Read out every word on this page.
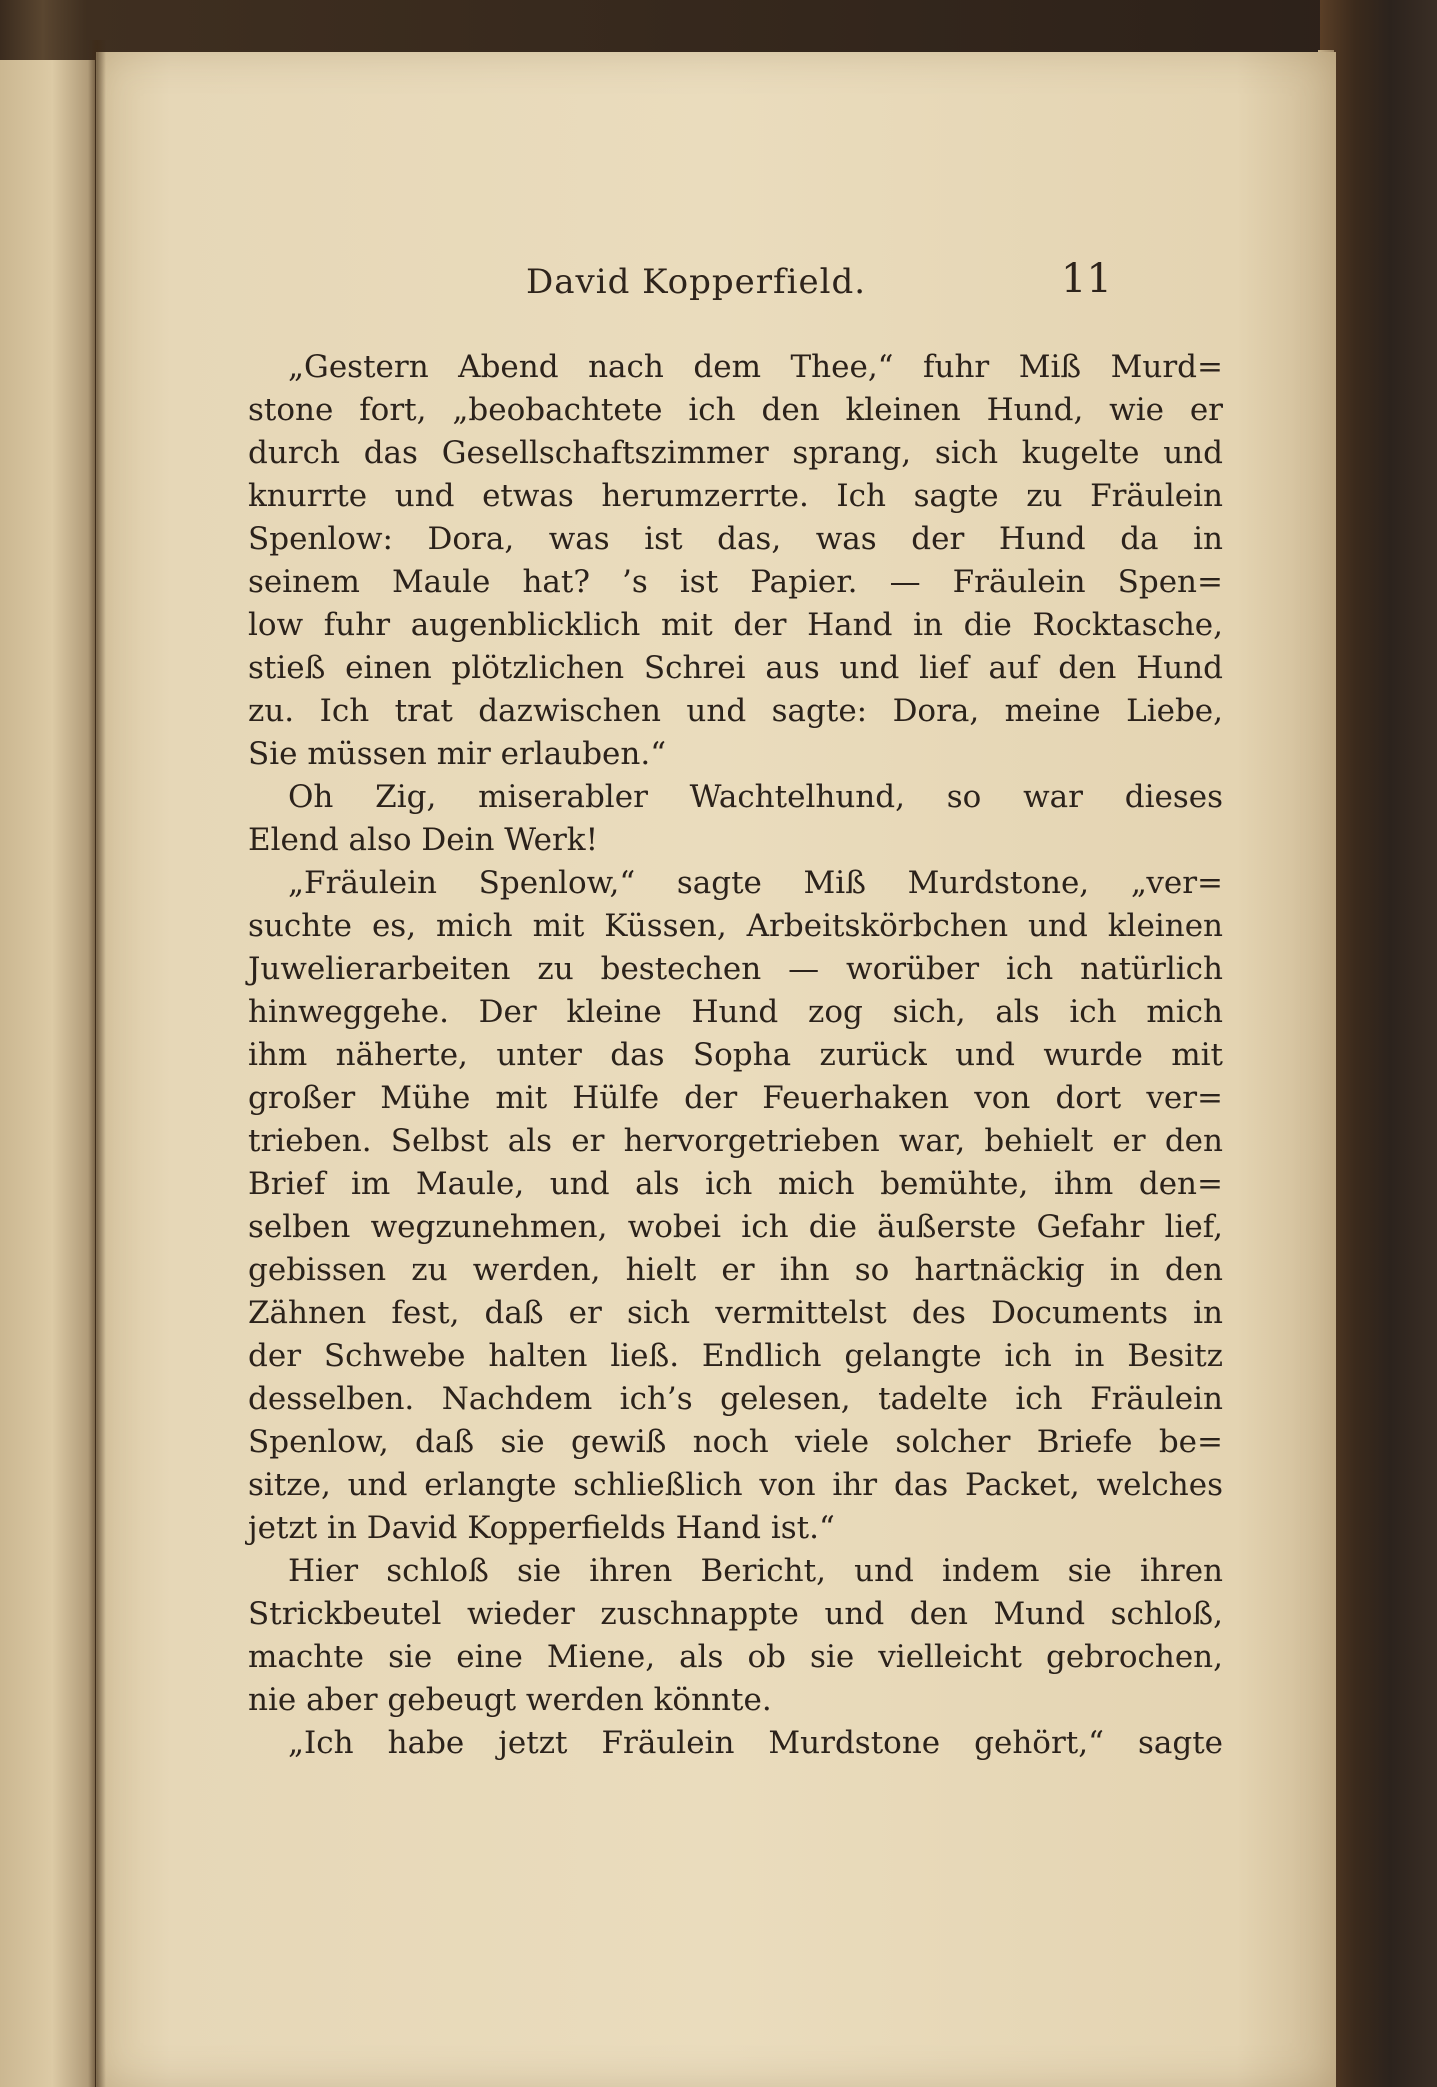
David Kopperfield.	11
„Gestern Abend nach dem Thee,“ fuhr Miß Murd=
stone fort, „beobachtete ich den kleinen Hund, wie er
durch das Gesellschaftszimmer sprang, sich kugelte und
knurrte und etwas herumzerrte. Ich sagte zu Fräulein
Spenlow: Dora, was ist das, was der Hund da in
seinem Maule hat? ’s ist Papier. — Fräulein Spen=
low fuhr augenblicklich mit der Hand in die Rocktasche,
stieß einen plötzlichen Schrei aus und lief auf den Hund
zu. Ich trat dazwischen und sagte: Dora, meine Liebe,
Sie müssen mir erlauben.“
Oh Zig, miserabler Wachtelhund, so war dieses
Elend also Dein Werk!
„Fräulein Spenlow,“ sagte Miß Murdstone, „ver=
suchte es, mich mit Küssen, Arbeitskörbchen und kleinen
Juwelierarbeiten zu bestechen — worüber ich natürlich
hinweggehe. Der kleine Hund zog sich, als ich mich
ihm näherte, unter das Sopha zurück und wurde mit
großer Mühe mit Hülfe der Feuerhaken von dort ver=
trieben. Selbst als er hervorgetrieben war, behielt er den
Brief im Maule, und als ich mich bemühte, ihm den=
selben wegzunehmen, wobei ich die äußerste Gefahr lief,
gebissen zu werden, hielt er ihn so hartnäckig in den
Zähnen fest, daß er sich vermittelst des Documents in
der Schwebe halten ließ. Endlich gelangte ich in Besitz
desselben. Nachdem ich’s gelesen, tadelte ich Fräulein
Spenlow, daß sie gewiß noch viele solcher Briefe be=
sitze, und erlangte schließlich von ihr das Packet, welches
jetzt in David Kopperfields Hand ist.“
Hier schloß sie ihren Bericht, und indem sie ihren
Strickbeutel wieder zuschnappte und den Mund schloß,
machte sie eine Miene, als ob sie vielleicht gebrochen,
nie aber gebeugt werden könnte.
„Ich habe jetzt Fräulein Murdstone gehört,“ sagte
